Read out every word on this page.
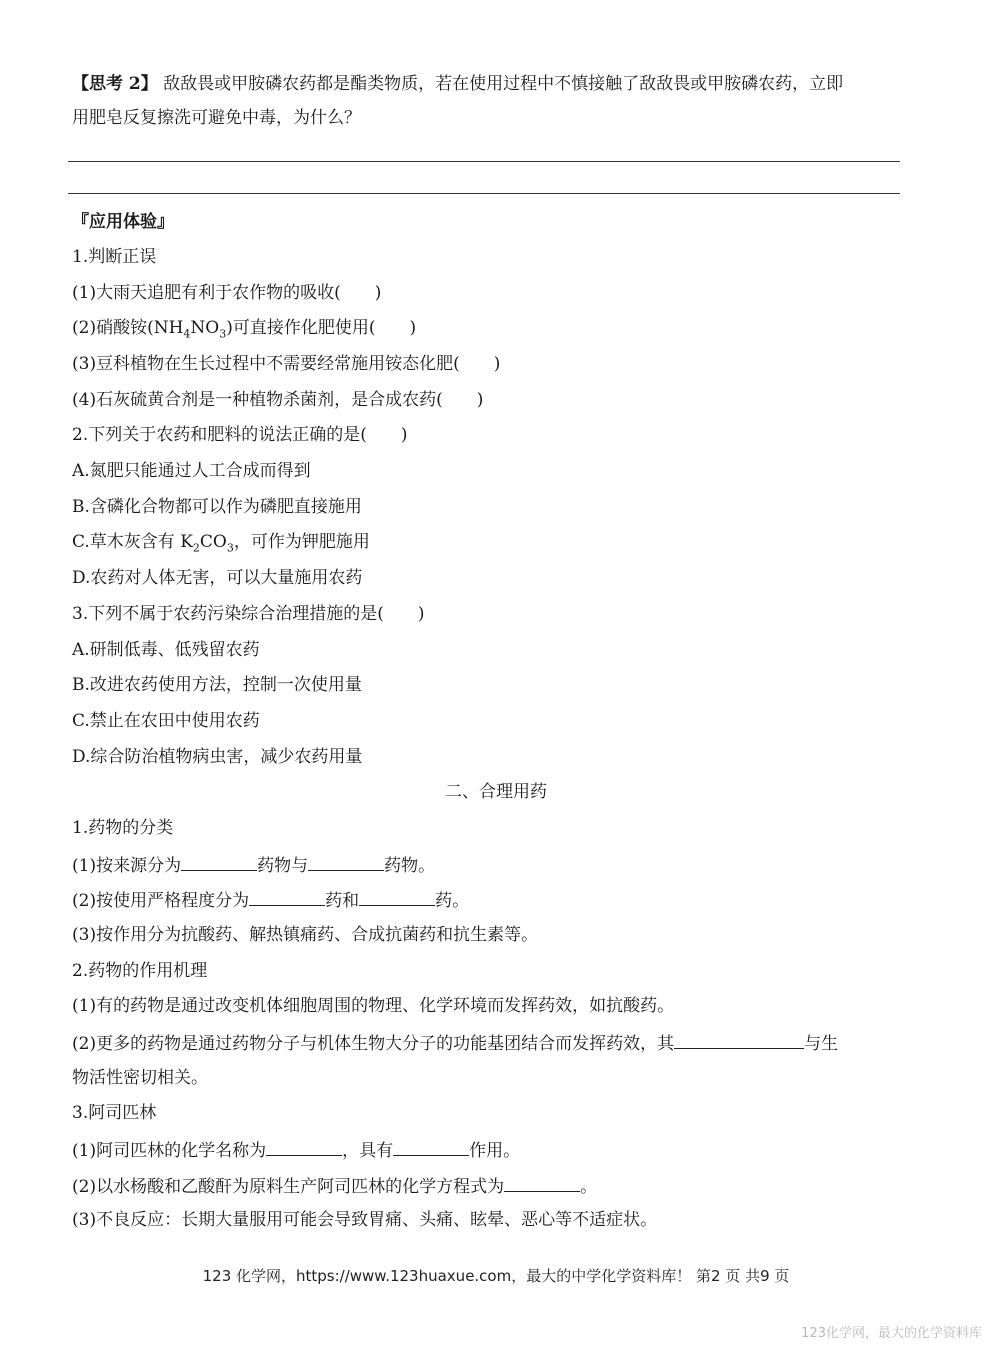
【思考 2】 敌敌畏或甲胺磷农药都是酯类物质，若在使用过程中不慎接触了敌敌畏或甲胺磷农药，立即
用肥皂反复擦洗可避免中毒，为什么？
『应用体验』
1.判断正误
(1)大雨天追肥有利于农作物的吸收(　　)
(2)硝酸铵$(NH_4NO_3)$可直接作化肥使用(　　)
(3)豆科植物在生长过程中不需要经常施用铵态化肥(　　)
(4)石灰硫黄合剂是一种植物杀菌剂，是合成农药(　　)
2.下列关于农药和肥料的说法正确的是(　　)
A.氮肥只能通过人工合成而得到
B.含磷化合物都可以作为磷肥直接施用
C.草木灰含有 $K_2CO_3$，可作为钾肥施用
D.农药对人体无害，可以大量施用农药
3.下列不属于农药污染综合治理措施的是(　　)
A.研制低毒、低残留农药
B.改进农药使用方法，控制一次使用量
C.禁止在农田中使用农药
D.综合防治植物病虫害，减少农药用量
二、合理用药
1.药物的分类
(1)按来源分为	药物与	药物。
(2)按使用严格程度分为	药和	药。
(3)按作用分为抗酸药、解热镇痛药、合成抗菌药和抗生素等。
2.药物的作用机理
(1)有的药物是通过改变机体细胞周围的物理、化学环境而发挥药效，如抗酸药。
(2)更多的药物是通过药物分子与机体生物大分子的功能基团结合而发挥药效，其	与生
物活性密切相关。
3.阿司匹林
(1)阿司匹林的化学名称为	，具有	作用。
(2)以水杨酸和乙酸酐为原料生产阿司匹林的化学方程式为	。
(3)不良反应：长期大量服用可能会导致胃痛、头痛、眩晕、恶心等不适症状。
123 化学网，https://www.123huaxue.com，最大的中学化学资料库！ 第2 页 共9 页
123化学网，最大的化学资料库
